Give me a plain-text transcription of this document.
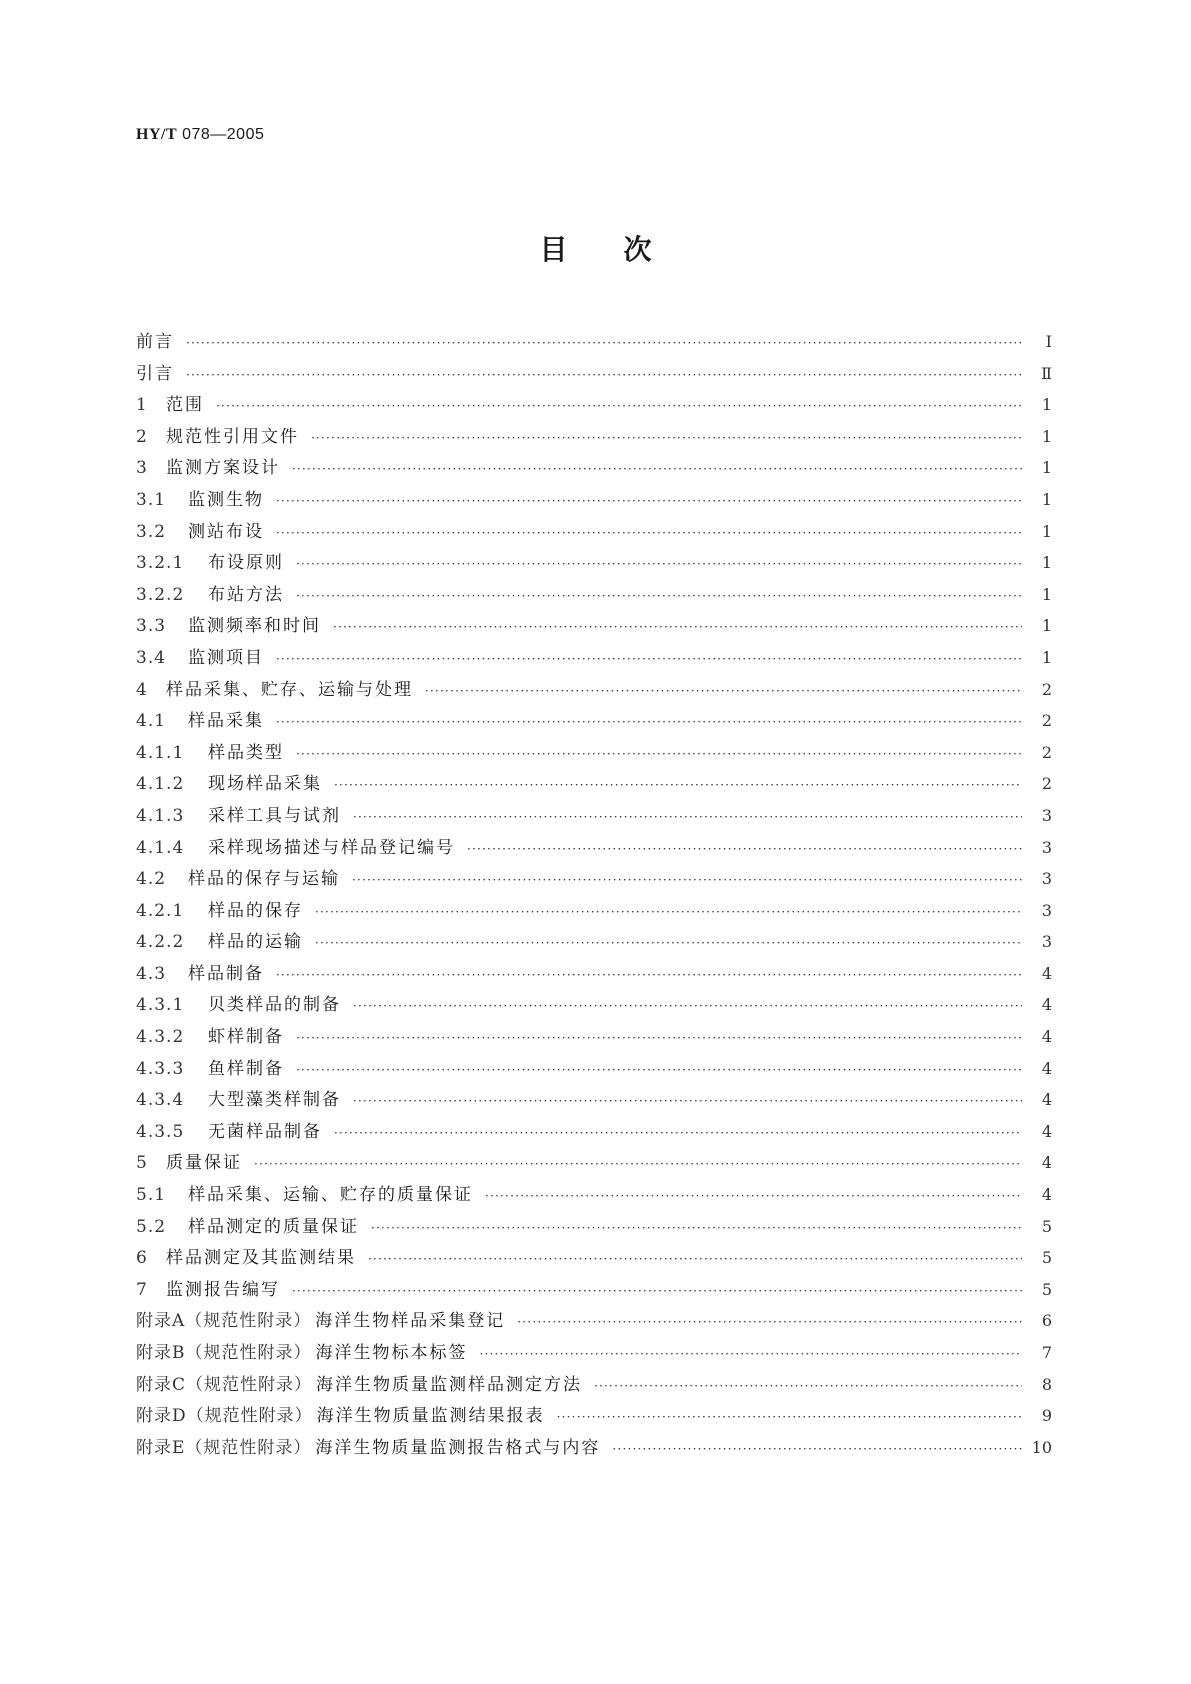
HY/T 078—2005
目次
前言 ·····	Ⅰ
引言 ·····	Ⅱ
1	范围 ·····	1
2	规范性引用文件 ·····	1
3	监测方案设计 ·····	1
3.1	监测生物 ·····	1
3.2	测站布设 ·····	1
3.2.1	布设原则 ·····	1
3.2.2	布站方法 ·····	1
3.3	监测频率和时间 ·····	1
3.4	监测项目 ·····	1
4	样品采集、贮存、运输与处理 ·····	2
4.1	样品采集 ·····	2
4.1.1	样品类型 ·····	2
4.1.2	现场样品采集 ·····	2
4.1.3	采样工具与试剂 ·····	3
4.1.4	采样现场描述与样品登记编号 ·····	3
4.2	样品的保存与运输 ·····	3
4.2.1	样品的保存 ·····	3
4.2.2	样品的运输 ·····	3
4.3	样品制备 ·····	4
4.3.1	贝类样品的制备 ·····	4
4.3.2	虾样制备 ·····	4
4.3.3	鱼样制备 ·····	4
4.3.4	大型藻类样制备 ·····	4
4.3.5	无菌样品制备 ·····	4
5	质量保证 ·····	4
5.1	样品采集、运输、贮存的质量保证 ·····	4
5.2	样品测定的质量保证 ·····	5
6	样品测定及其监测结果 ·····	5
7	监测报告编写 ·····	5
附录A（规范性附录） 海洋生物样品采集登记 ·····	6
附录B（规范性附录） 海洋生物标本标签 ·····	7
附录C（规范性附录） 海洋生物质量监测样品测定方法 ·····	8
附录D（规范性附录） 海洋生物质量监测结果报表 ·····	9
附录E（规范性附录） 海洋生物质量监测报告格式与内容 ·····	10
